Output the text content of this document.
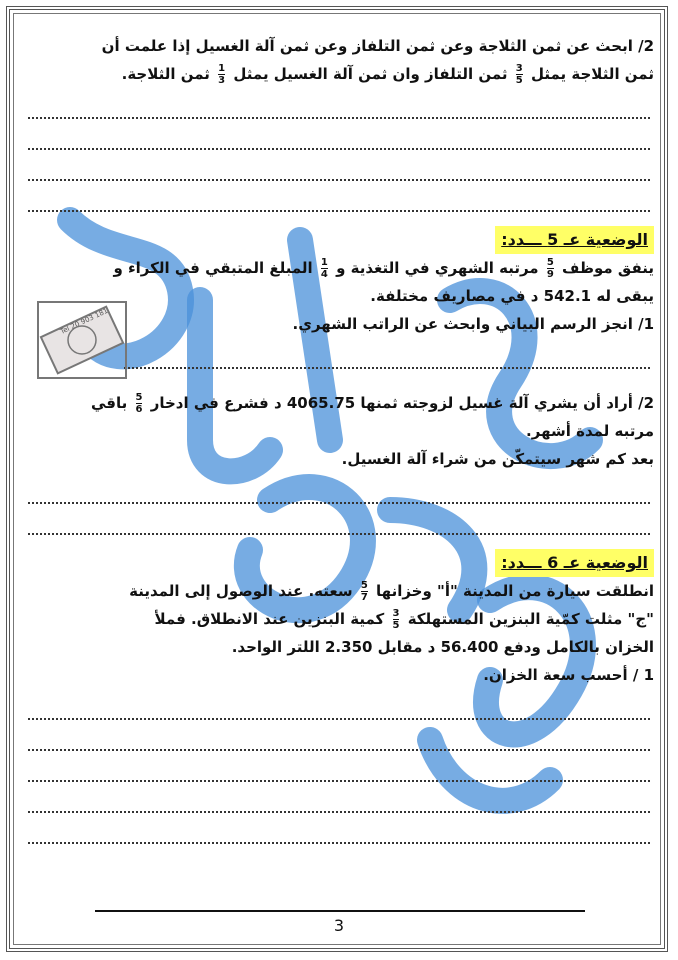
2/ ابحث عن ثمن الثلاجة وعن ثمن التلفاز وعن ثمن آلة الغسيل إذا علمت أن
ثمن الثلاجة يمثل
$\frac{3}{5}$
ثمن التلفاز وان ثمن آلة الغسيل يمثل
$\frac{1}{3}$
ثمن الثلاجة.
الوضعية عـ 5 ـــدد:
ينفق موظف
$\frac{5}{9}$
مرتبه الشهري في التغذية و
$\frac{1}{4}$
المبلغ المتبقي في الكراء و
يبقى له 542.1 د في مصاريف مختلفة.
1/ انجز الرسم البياني وابحث عن الراتب الشهري.
2/ أراد أن يشري آلة غسيل لزوجته ثمنها 4065.75 د فشرع في ادخار
$\frac{5}{6}$
باقي
مرتبه لمدة أشهر.
بعد كم شهر سيتمكّن من شراء آلة الغسيل.
الوضعية عـ 6 ـــدد:
انطلقت سيارة من المدينة "أ" وخزانها
$\frac{5}{7}$
سعته. عند الوصول إلى المدينة
"ج" مثلت كمّية البنزين المستهلكة
$\frac{3}{5}$
كمية البنزين عند الانطلاق. فملأ
الخزان بالكامل ودفع 56.400 د مقابل 2.350 اللتر الواحد.
1 / أحسب سعة الخزان.
Tel 20 903 181
3
